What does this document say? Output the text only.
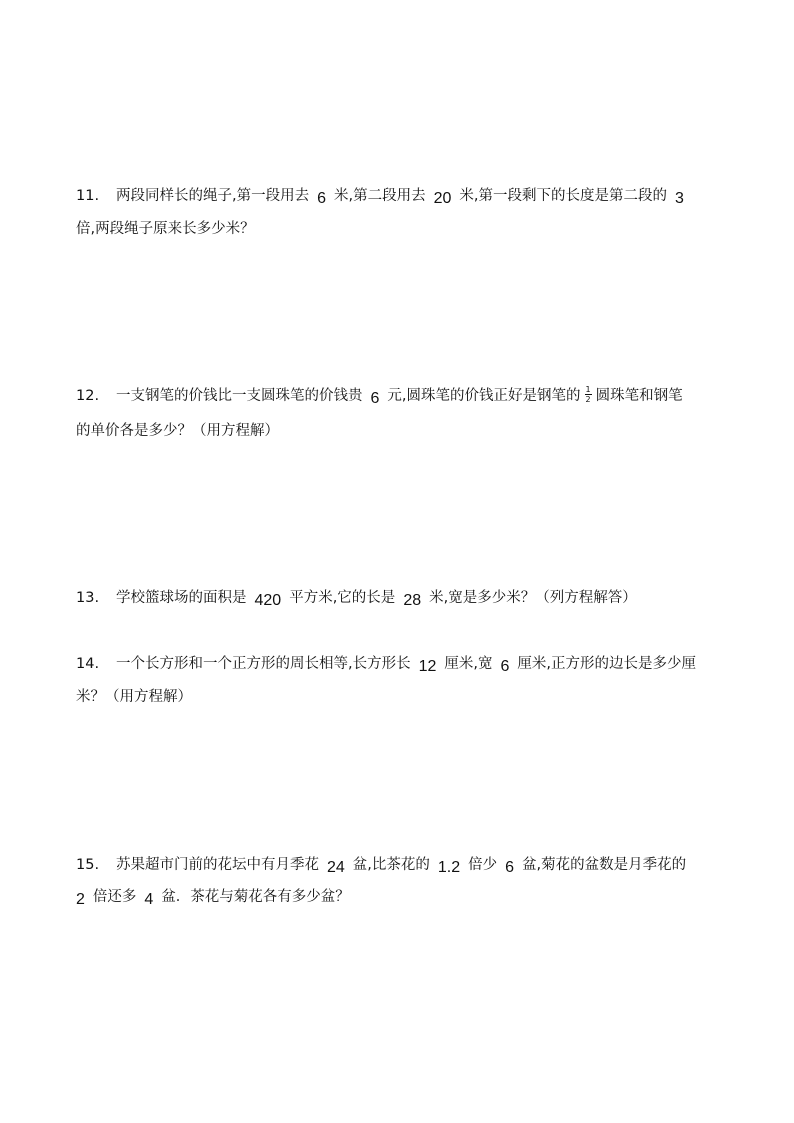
11. 两段同样长的绳子,第一段用去 6 米,第二段用去 20 米,第一段剩下的长度是第二段的 3
倍,两段绳子原来长多少米？
12. 一支钢笔的价钱比一支圆珠笔的价钱贵 6 元,圆珠笔的价钱正好是钢笔的 $\frac{1}{2}$ 圆珠笔和钢笔
的单价各是多少？（用方程解）
13. 学校篮球场的面积是 420 平方米,它的长是 28 米,宽是多少米？（列方程解答）
14. 一个长方形和一个正方形的周长相等,长方形长 12 厘米,宽 6 厘米,正方形的边长是多少厘
米？（用方程解）
15. 苏果超市门前的花坛中有月季花 24 盆,比茶花的 1.2 倍少 6 盆,菊花的盆数是月季花的
2 倍还多 4 盆．茶花与菊花各有多少盆？
